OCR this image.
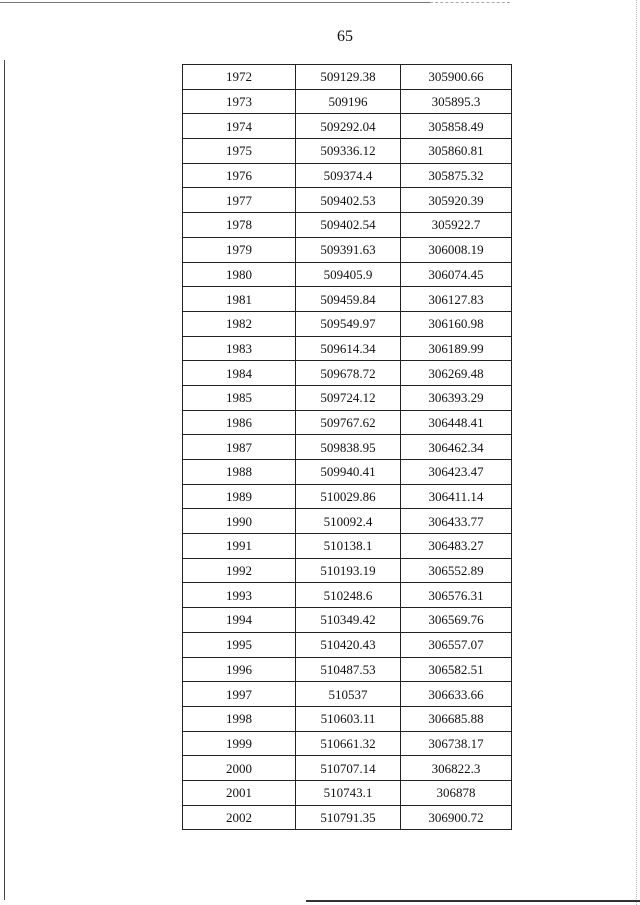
65
1972	509129.38	305900.66
1973	509196	305895.3
1974	509292.04	305858.49
1975	509336.12	305860.81
1976	509374.4	305875.32
1977	509402.53	305920.39
1978	509402.54	305922.7
1979	509391.63	306008.19
1980	509405.9	306074.45
1981	509459.84	306127.83
1982	509549.97	306160.98
1983	509614.34	306189.99
1984	509678.72	306269.48
1985	509724.12	306393.29
1986	509767.62	306448.41
1987	509838.95	306462.34
1988	509940.41	306423.47
1989	510029.86	306411.14
1990	510092.4	306433.77
1991	510138.1	306483.27
1992	510193.19	306552.89
1993	510248.6	306576.31
1994	510349.42	306569.76
1995	510420.43	306557.07
1996	510487.53	306582.51
1997	510537	306633.66
1998	510603.11	306685.88
1999	510661.32	306738.17
2000	510707.14	306822.3
2001	510743.1	306878
2002	510791.35	306900.72
